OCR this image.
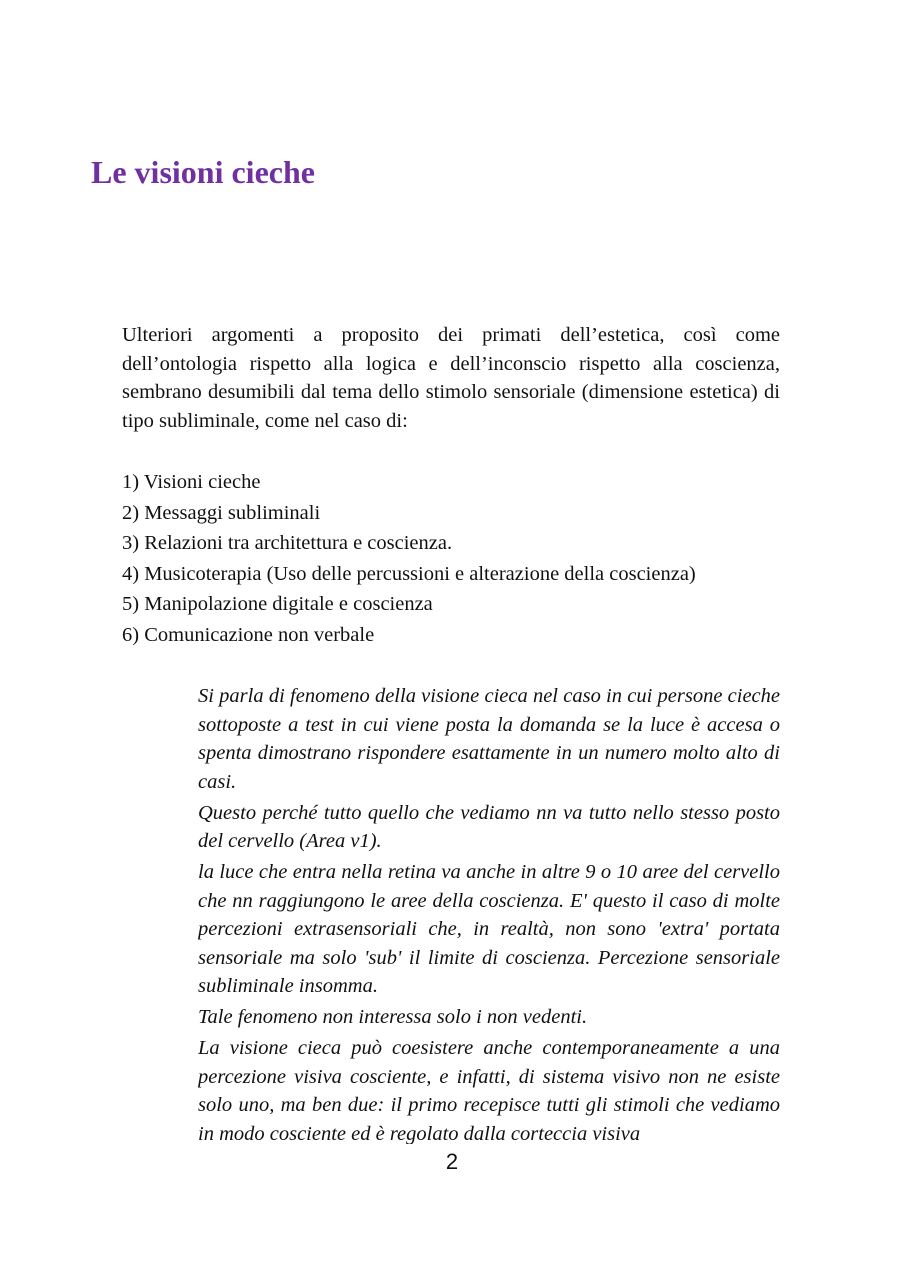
Le visioni cieche

Ulteriori argomenti a proposito dei primati dell’estetica, così come dell’ontologia rispetto alla logica e dell’inconscio rispetto alla coscienza, sembrano desumibili dal tema dello stimolo sensoriale (dimensione estetica) di tipo subliminale, come nel caso di:

1) Visioni cieche
2) Messaggi subliminali
3) Relazioni tra architettura e coscienza.
4) Musicoterapia (Uso delle percussioni e alterazione della coscienza)
5) Manipolazione digitale e coscienza
6) Comunicazione non verbale

Si parla di fenomeno della visione cieca nel caso in cui persone cieche sottoposte a test in cui viene posta la domanda se la luce è accesa o spenta dimostrano rispondere esattamente in un numero molto alto di casi.

Questo perché tutto quello che vediamo nn va tutto nello stesso posto del cervello (Area v1).

la luce che entra nella retina va anche in altre 9 o 10 aree del cervello che nn raggiungono le aree della coscienza. E' questo il caso di molte percezioni extrasensoriali che, in realtà, non sono 'extra' portata sensoriale ma solo 'sub' il limite di coscienza. Percezione sensoriale subliminale insomma.

Tale fenomeno non interessa solo i non vedenti.

La visione cieca può coesistere anche contemporaneamente a una percezione visiva cosciente, e infatti, di sistema visivo non ne esiste solo uno, ma ben due: il primo recepisce tutti gli stimoli che vediamo in modo cosciente ed è regolato dalla corteccia visiva

2
